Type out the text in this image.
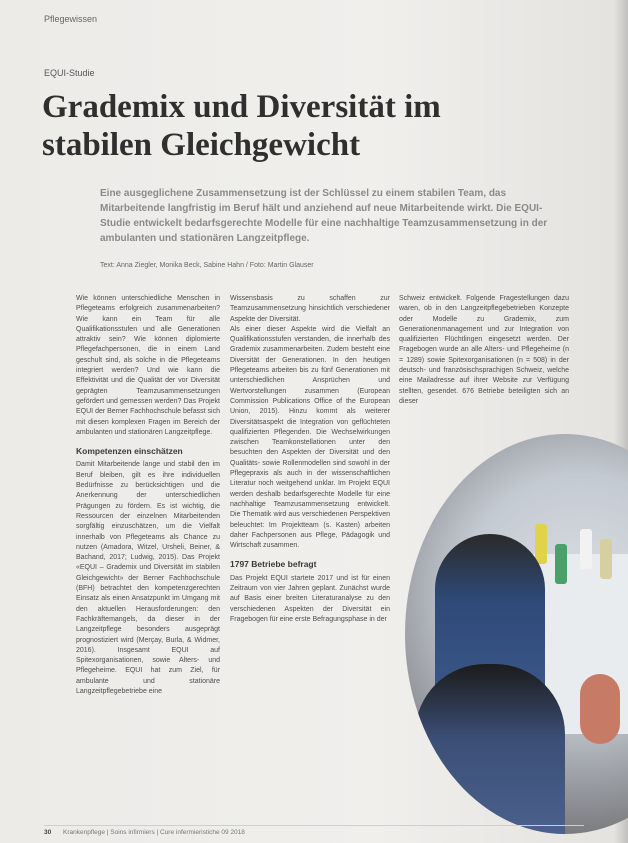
Pflegewissen
EQUI-Studie
Grademix und Diversität im stabilen Gleichgewicht

Eine ausgeglichene Zusammensetzung ist der Schlüssel zu einem stabilen Team, das Mitarbeitende langfristig im Beruf hält und anziehend auf neue Mitarbeitende wirkt. Die EQUI-Studie entwickelt bedarfsgerechte Modelle für eine nachhaltige Teamzusammensetzung in der ambulanten und stationären Langzeitpflege.

Text: Anna Ziegler, Monika Beck, Sabine Hahn / Foto: Martin Glauser

Wie können unterschiedliche Menschen in Pflegeteams erfolgreich zusammenarbeiten? Wie kann ein Team für alle Qualifikationsstufen und alle Generationen attraktiv sein? Wie können diplomierte Pflegefachpersonen, die in einem Land geschult sind, als solche in die Pflegeteams integriert werden? Und wie kann die Effektivität und die Qualität der vor Diversität geprägten Teamzusammensetzungen gefördert und gemessen werden? Das Projekt EQUI der Berner Fachhochschule befasst sich mit diesen komplexen Fragen im Bereich der ambulanten und stationären Langzeitpflege.

Kompetenzen einschätzen

Damit Mitarbeitende lange und stabil den im Beruf bleiben, gilt es ihre individuellen Bedürfnisse zu berücksichtigen und die Anerkennung der unterschiedlichen Prägungen zu fördern. Es ist wichtig, die Ressourcen der einzelnen Mitarbeitenden sorgfältig einzuschätzen, um die Vielfalt innerhalb von Pflegeteams als Chance zu nutzen (Amadora, Witzel, Ursheli, Beiner, & Bachand, 2017; Ludwig, 2015). Das Projekt «EQUI – Grademix und Diversität im stabilen Gleichgewicht» der Berner Fachhochschule (BFH) betrachtet den kompetenzgerechten Einsatz als einen Ansatzpunkt im Umgang mit den aktuellen Herausforderungen: den Fachkräftemangels, da dieser in der Langzeitpflege besonders ausgeprägt prognostiziert wird (Merçay, Burla, & Widmer, 2016). Insgesamt EQUI auf Spitexorganisationen, sowie Alters- und Pflegeheime. EQUI hat zum Ziel, für ambulante und stationäre Langzeitpflegebetriebe eine

Wissensbasis zu schaffen zur Teamzusammensetzung hinsichtlich verschiedener Aspekte der Diversität.

Als einer dieser Aspekte wird die Vielfalt an Qualifikationsstufen verstanden, die innerhalb des Grademix zusammenarbeiten. Zudem besteht eine Diversität der Generationen. In den heutigen Pflegeteams arbeiten bis zu fünf Generationen mit unterschiedlichen Ansprüchen und Wertvorstellungen zusammen (European Commission Publications Office of the European Union, 2015). Hinzu kommt als weiterer Diversitätsaspekt die Integration von geflüchteten qualifizierten Pflegenden. Die Wechselwirkungen zwischen Teamkonstellationen unter den besuchten den Aspekten der Diversität und den Qualitäts- sowie Rollenmodellen sind sowohl in der Pflegepraxis als auch in der wissenschaftlichen Literatur noch weitgehend unklar. Im Projekt EQUI werden deshalb bedarfsgerechte Modelle für eine nachhaltige Teamzusammensetzung entwickelt. Die Thematik wird aus verschiedenen Perspektiven beleuchtet: Im Projektteam (s. Kasten) arbeiten daher Fachpersonen aus Pflege, Pädagogik und Wirtschaft zusammen.

1797 Betriebe befragt

Das Projekt EQUI startete 2017 und ist für einen Zeitraum von vier Jahren geplant. Zunächst wurde auf Basis einer breiten Literaturanalyse zu den verschiedenen Aspekten der Diversität ein Fragebogen für eine erste Befragungsphase in der

Schweiz entwickelt. Folgende Fragestellungen dazu waren, ob in den Langzeitpflegebetrieben Konzepte oder Modelle zu Grademix, zum Generationenmanagement und zur Integration von qualifizierten Flüchtlingen eingesetzt werden. Der Fragebogen wurde an alle Alters- und Pflegeheime (n = 1289) sowie Spitexorganisationen (n = 508) in der deutsch- und französischsprachigen Schweiz, welche eine Mailadresse auf ihrer Website zur Verfügung stellten, gesendet. 676 Betriebe beteiligten sich an dieser

30 Krankenpflege | Soins infirmiers | Cure infermieristiche 09 2018
